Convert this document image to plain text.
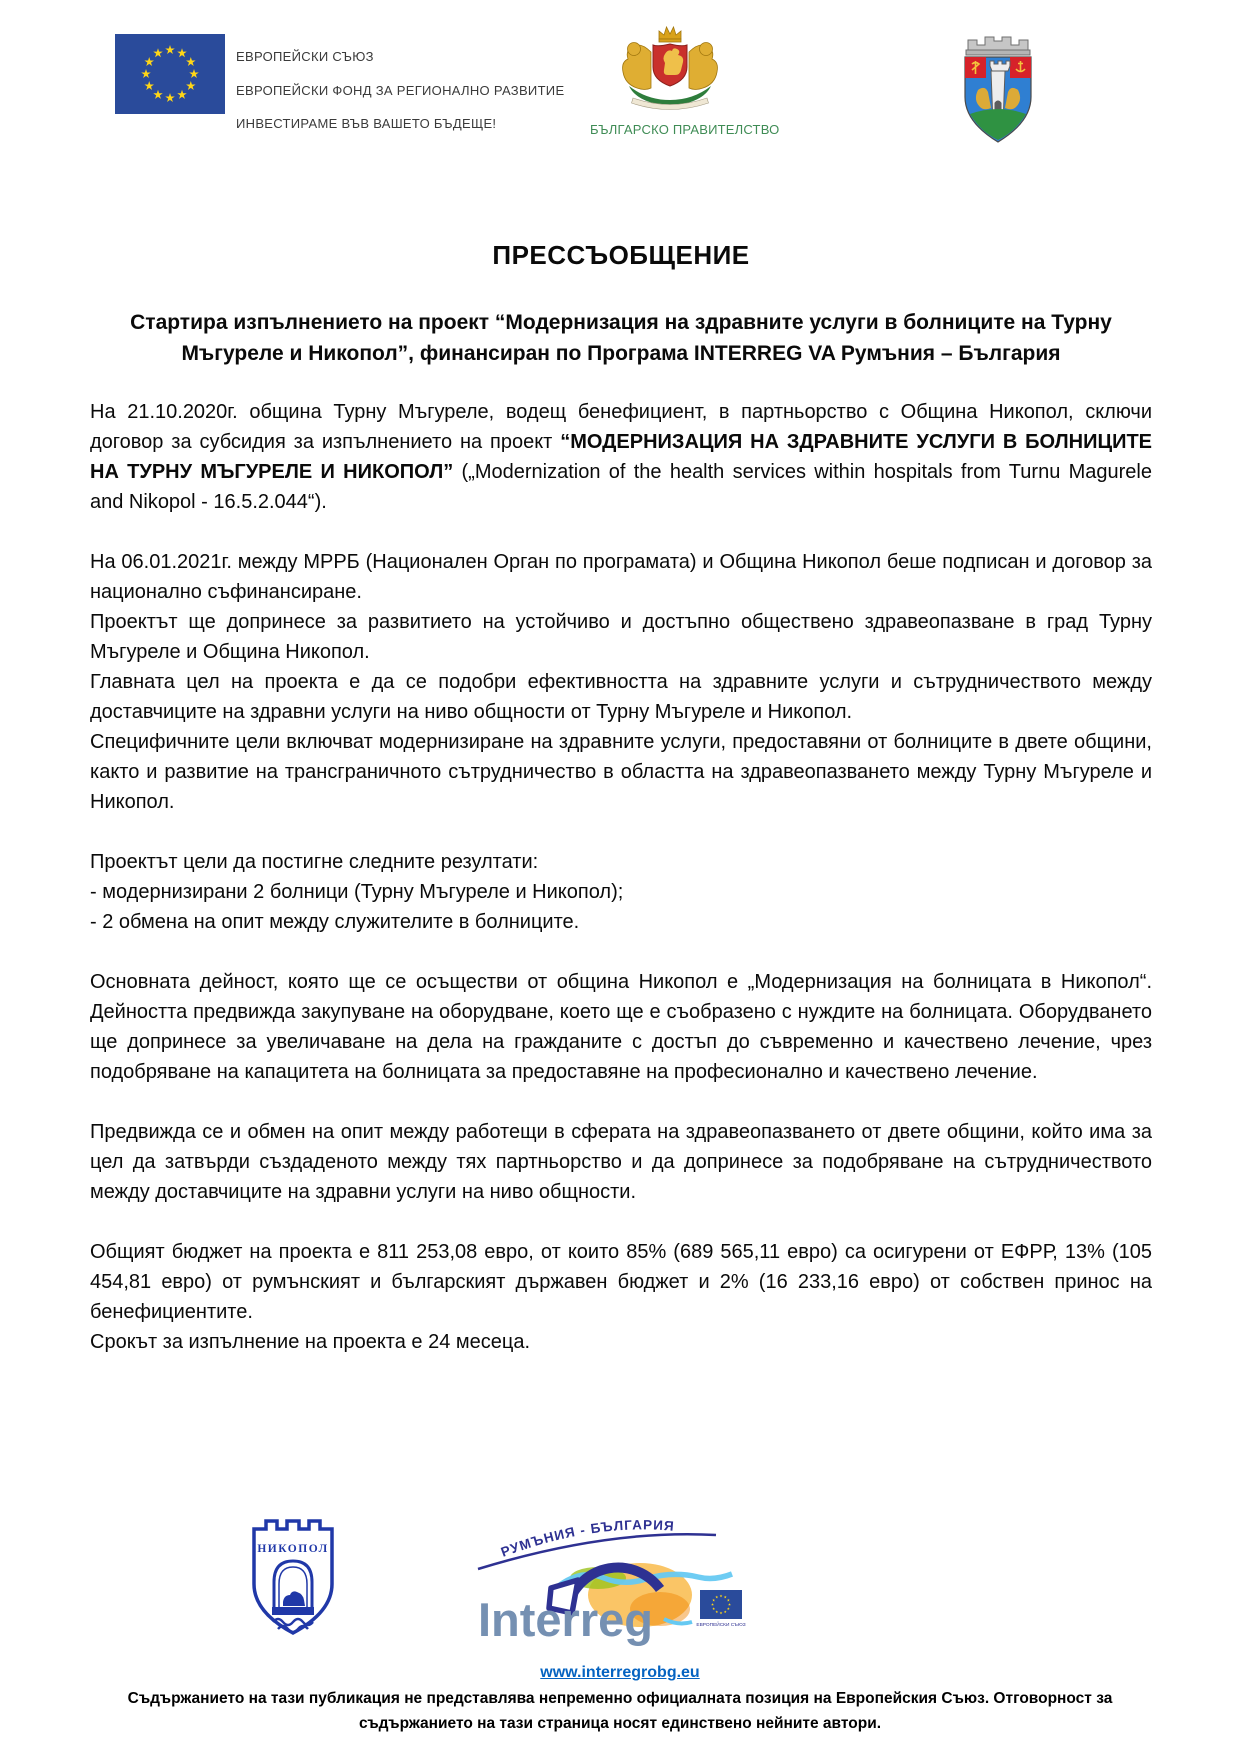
ЕВРОПЕЙСКИ СЪЮЗ
ЕВРОПЕЙСКИ ФОНД ЗА РЕГИОНАЛНО РАЗВИТИЕ
ИНВЕСТИРАМЕ ВЪВ ВАШЕТО БЪДЕЩЕ!	БЪЛГАРСКО ПРАВИТЕЛСТВО
ПРЕССЪОБЩЕНИЕ
Стартира изпълнението на проект “Модернизация на здравните услуги в болниците на Турну Мъгуреле и Никопол”, финансиран по Програма INTERREG VA Румъния – България

На 21.10.2020г. община Турну Мъгуреле, водещ бенефициент, в партньорство с Община Никопол, сключи договор за субсидия за изпълнението на проект “МОДЕРНИЗАЦИЯ НА ЗДРАВНИТЕ УСЛУГИ В БОЛНИЦИТЕ НА ТУРНУ МЪГУРЕЛЕ И НИКОПОЛ” („Modernization of the health services within hospitals from Turnu Magurele and Nikopol - 16.5.2.044“).

На 06.01.2021г. между МРРБ (Национален Орган по програмата) и Община Никопол беше подписан и договор за национално съфинансиране.

Проектът ще допринесе за развитието на устойчиво и достъпно обществено здравеопазване в град Турну Мъгуреле и Община Никопол.

Главната цел на проекта е да се подобри ефективността на здравните услуги и сътрудничеството между доставчиците на здравни услуги на ниво общности от Турну Мъгуреле и Никопол.

Специфичните цели включват модернизиране на здравните услуги, предоставяни от болниците в двете общини, както и развитие на трансграничното сътрудничество в областта на здравеопазването между Турну Мъгуреле и Никопол.

Проектът цели да постигне следните резултати:

- модернизирани 2 болници (Турну Мъгуреле и Никопол);

- 2 обмена на опит между служителите в болниците.

Основната дейност, която ще се осъществи от община Никопол е „Модернизация на болницата в Никопол“. Дейността предвижда закупуване на оборудване, което ще е съобразено с нуждите на болницата. Оборудването ще допринесе за увеличаване на дела на гражданите с достъп до съвременно и качествено лечение, чрез подобряване на капацитета на болницата за предоставяне на професионално и качествено лечение.

Предвижда се и обмен на опит между работещи в сферата на здравеопазването от двете общини, който има за цел да затвърди създаденото между тях партньорство и да допринесе за подобряване на сътрудничеството между доставчиците на здравни услуги на ниво общности.

Общият бюджет на проекта е 811 253,08 евро, от които 85% (689 565,11 евро) са осигурени от ЕФРР, 13% (105 454,81 евро) от румънският и българският държавен бюджет и 2% (16 233,16 евро) от собствен принос на бенефициентите.

Срокът за изпълнение на проекта е 24 месеца.

НИКОПОЛ	РУМЪНИЯ - БЪЛГАРИЯ
Interreg	ЕВРОПЕЙСКИ СЪЮЗ
www.interregrobg.eu
Съдържанието на тази публикация не представлява непременно официалната позиция на Европейския Съюз. Отговорност за съдържанието на тази страница носят единствено нейните автори.
